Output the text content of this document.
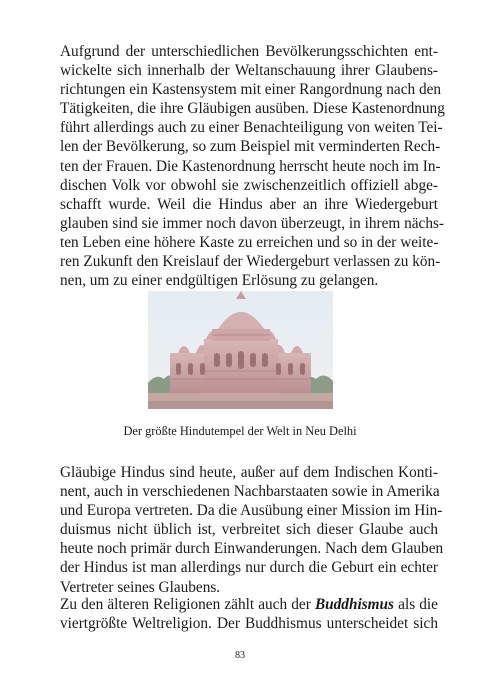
Aufgrund der unterschiedlichen Bevölkerungsschichten ent-
wickelte sich innerhalb der Weltanschauung ihrer Glaubens-
richtungen ein Kastensystem mit einer Rangordnung nach den
Tätigkeiten, die ihre Gläubigen ausüben. Diese Kastenordnung
führt allerdings auch zu einer Benachteiligung von weiten Tei-
len der Bevölkerung, so zum Beispiel mit verminderten Rech-
ten der Frauen. Die Kastenordnung herrscht heute noch im In-
dischen Volk vor obwohl sie zwischenzeitlich offiziell abge-
schafft wurde. Weil die Hindus aber an ihre Wiedergeburt
glauben sind sie immer noch davon überzeugt, in ihrem nächs-
ten Leben eine höhere Kaste zu erreichen und so in der weite-
ren Zukunft den Kreislauf der Wiedergeburt verlassen zu kön-
nen, um zu einer endgültigen Erlösung zu gelangen.

Der größte Hindutempel der Welt in Neu Delhi

Gläubige Hindus sind heute, außer auf dem Indischen Konti-
nent, auch in verschiedenen Nachbarstaaten sowie in Amerika
und Europa vertreten. Da die Ausübung einer Mission im Hin-
duismus nicht üblich ist, verbreitet sich dieser Glaube auch
heute noch primär durch Einwanderungen. Nach dem Glauben
der Hindus ist man allerdings nur durch die Geburt ein echter
Vertreter seines Glaubens.

Zu den älteren Religionen zählt auch der Buddhismus als die
viertgrößte Weltreligion. Der Buddhismus unterscheidet sich

83
